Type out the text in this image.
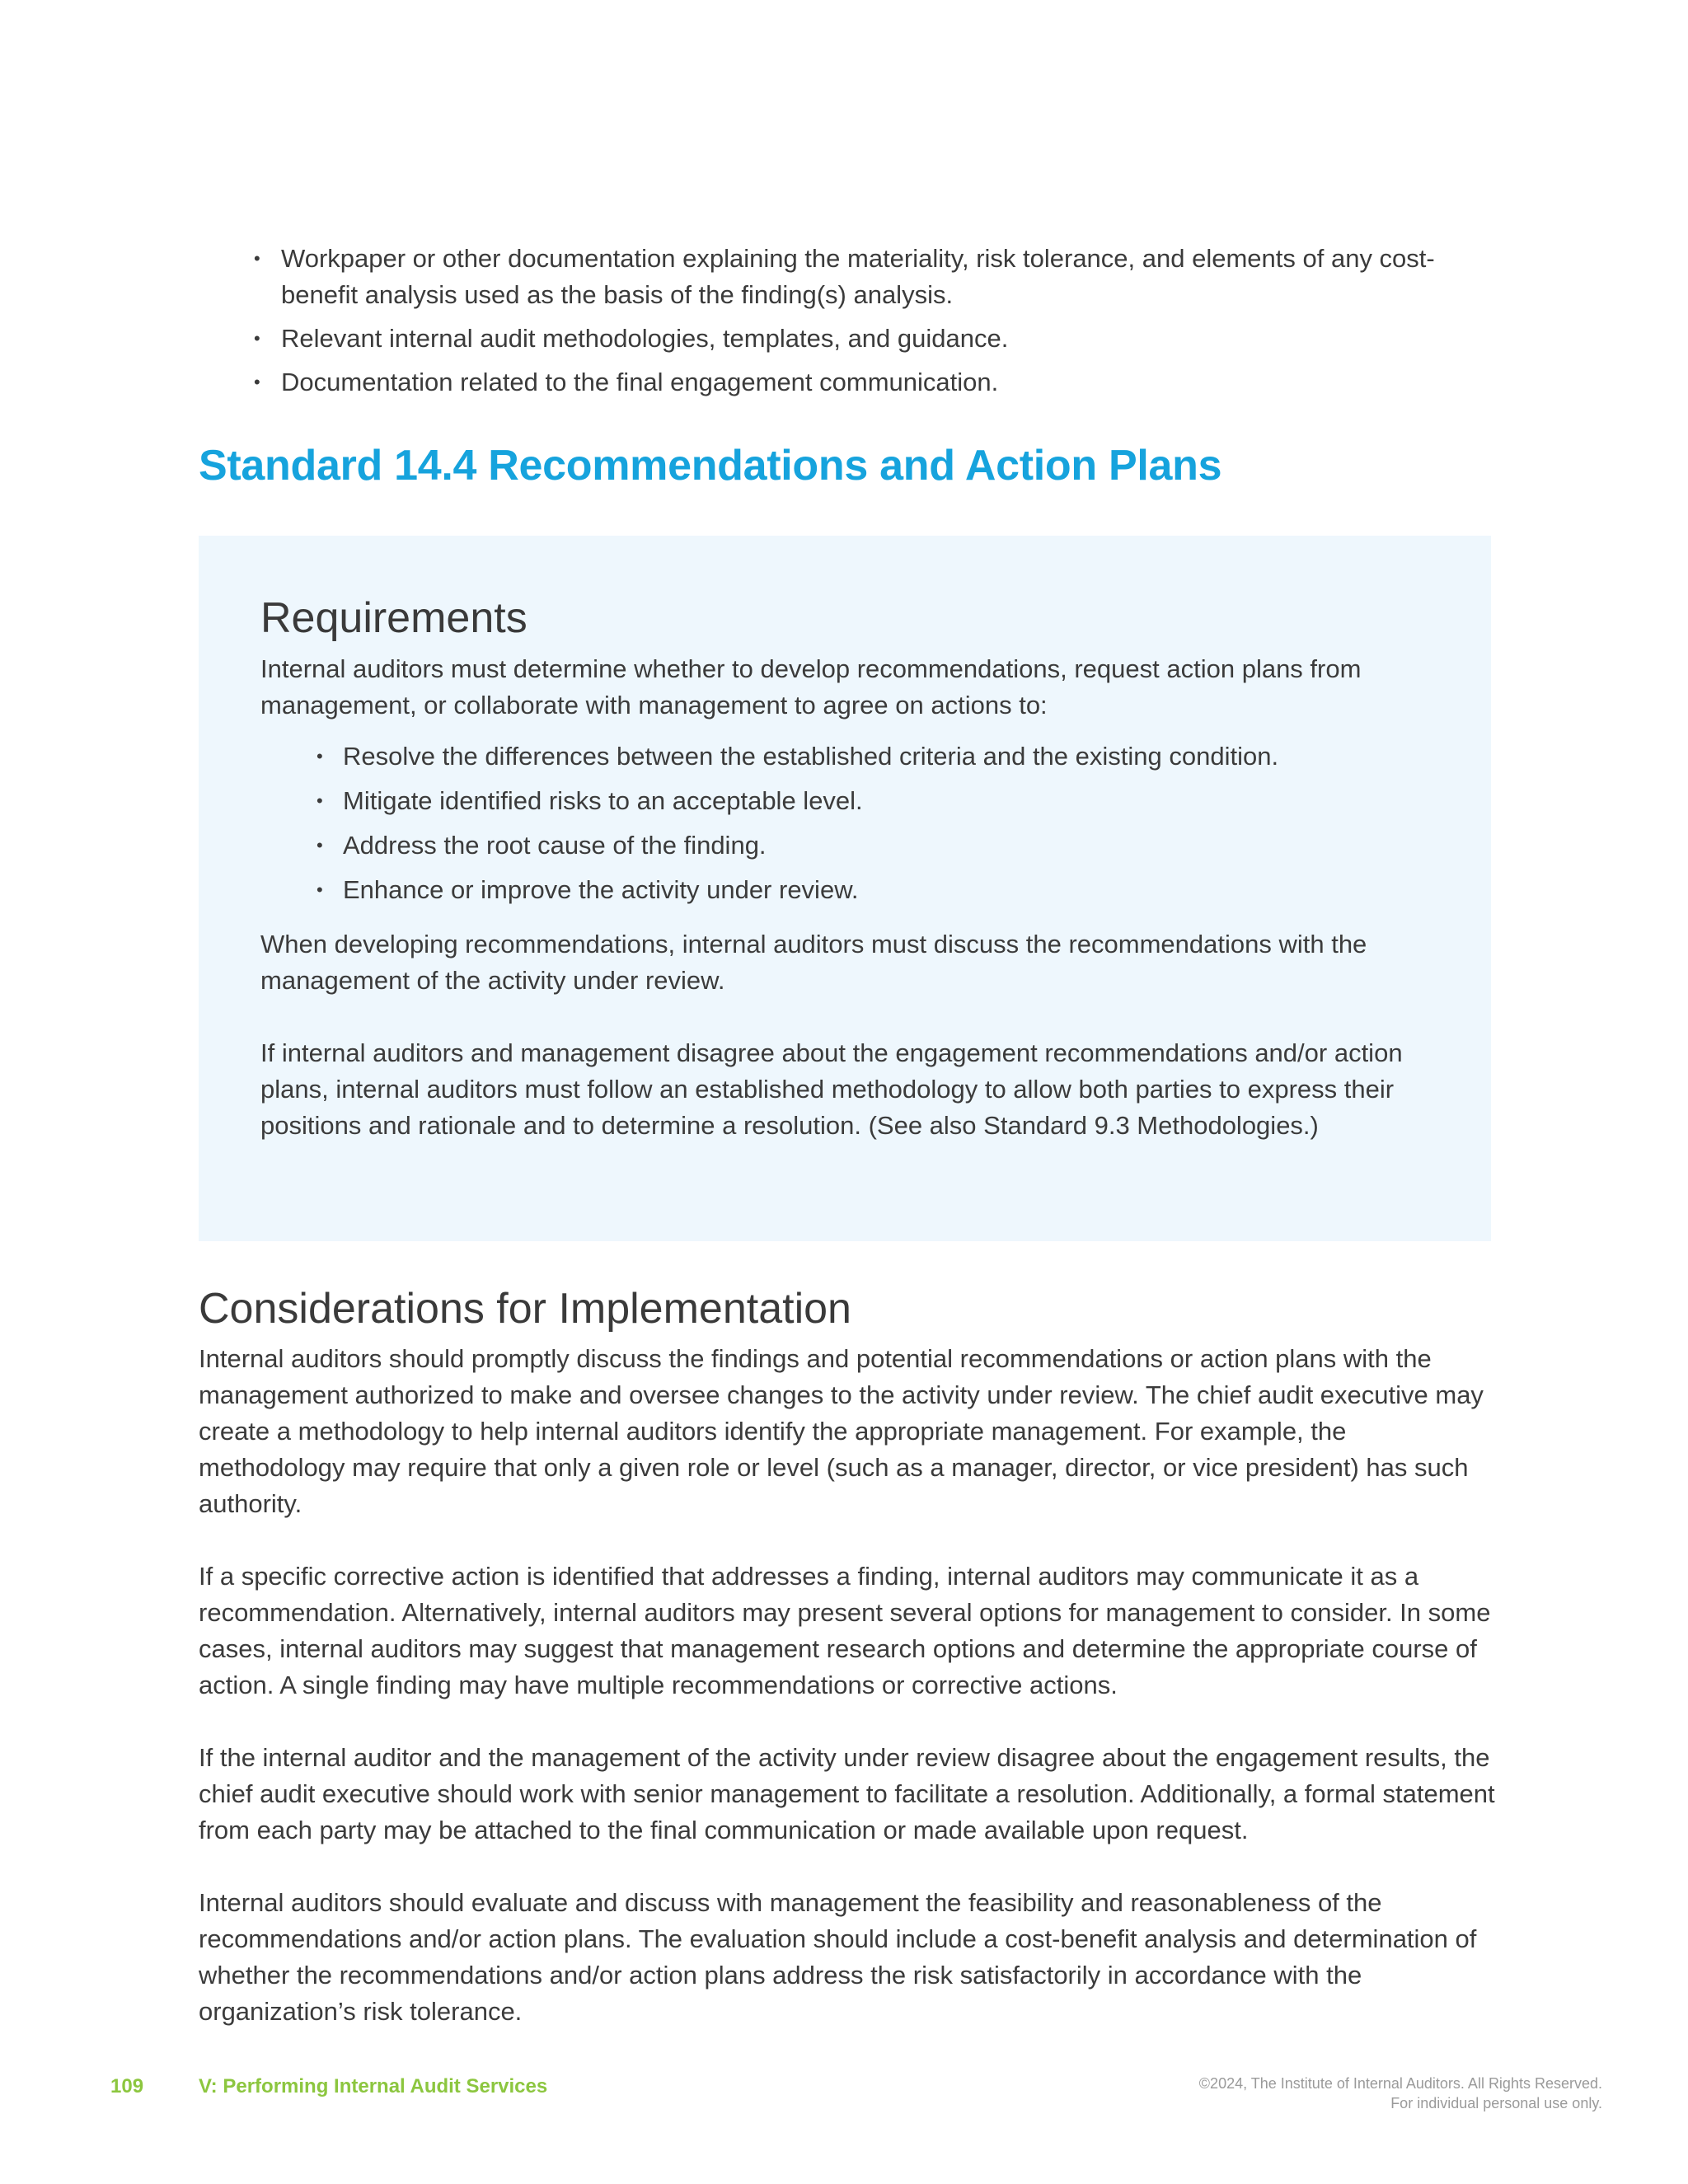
• Workpaper or other documentation explaining the materiality, risk tolerance, and elements of any cost-benefit analysis used as the basis of the finding(s) analysis.
• Relevant internal audit methodologies, templates, and guidance.
• Documentation related to the final engagement communication.
Standard 14.4 Recommendations and Action Plans
Requirements

Internal auditors must determine whether to develop recommendations, request action plans from management, or collaborate with management to agree on actions to:

• Resolve the differences between the established criteria and the existing condition.
• Mitigate identified risks to an acceptable level.
• Address the root cause of the finding.
• Enhance or improve the activity under review.

When developing recommendations, internal auditors must discuss the recommendations with the management of the activity under review.

If internal auditors and management disagree about the engagement recommendations and/or action plans, internal auditors must follow an established methodology to allow both parties to express their positions and rationale and to determine a resolution. (See also Standard 9.3 Methodologies.)

Considerations for Implementation

Internal auditors should promptly discuss the findings and potential recommendations or action plans with the management authorized to make and oversee changes to the activity under review. The chief audit executive may create a methodology to help internal auditors identify the appropriate management. For example, the methodology may require that only a given role or level (such as a manager, director, or vice president) has such authority.

If a specific corrective action is identified that addresses a finding, internal auditors may communicate it as a recommendation. Alternatively, internal auditors may present several options for management to consider. In some cases, internal auditors may suggest that management research options and determine the appropriate course of action. A single finding may have multiple recommendations or corrective actions.

If the internal auditor and the management of the activity under review disagree about the engagement results, the chief audit executive should work with senior management to facilitate a resolution. Additionally, a formal statement from each party may be attached to the final communication or made available upon request.

Internal auditors should evaluate and discuss with management the feasibility and reasonableness of the recommendations and/or action plans. The evaluation should include a cost-benefit analysis and determination of whether the recommendations and/or action plans address the risk satisfactorily in accordance with the organization’s risk tolerance.

109	V: Performing Internal Audit Services	©2024, The Institute of Internal Auditors. All Rights Reserved.
For individual personal use only.
